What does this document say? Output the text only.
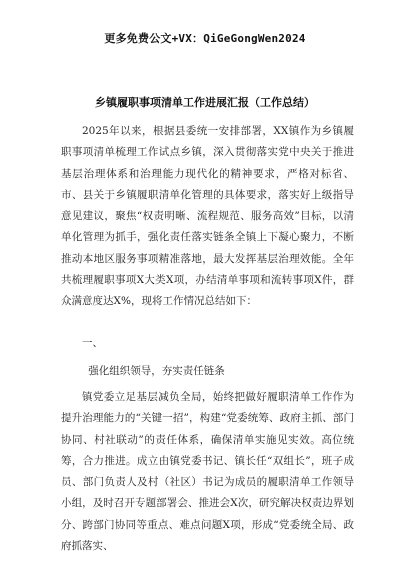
更多免费公文+VX：QiGeGongWen2024
乡镇履职事项清单工作进展汇报（工作总结）
2025年以来，根据县委统一安排部署，XX镇作为乡镇履职事项清单梳理工作试点乡镇，深入贯彻落实党中央关于推进基层治理体系和治理能力现代化的精神要求，严格对标省、市、县关于乡镇履职清单化管理的具体要求，落实好上级指导意见建议，聚焦“权责明晰、流程规范、服务高效”目标，以清单化管理为抓手，强化责任落实链条全镇上下凝心聚力，不断推动本地区服务事项精准落地，最大发挥基层治理效能。全年共梳理履职事项X大类X项，办结清单事项和流转事项X件，群众满意度达X%，现将工作情况总结如下：
一、
强化组织领导，夯实责任链条
镇党委立足基层减负全局，始终把做好履职清单工作作为提升治理能力的“关键一招”，构建“党委统筹、政府主抓、部门协同、村社联动”的责任体系，确保清单实施见实效。高位统筹，合力推进。成立由镇党委书记、镇长任“双组长”，班子成员、部门负责人及村（社区）书记为成员的履职清单工作领导小组，及时召开专题部署会、推进会X次，研究解决权责边界划分、跨部门协同等重点、难点问题X项，形成“党委统全局、政府抓落实、
